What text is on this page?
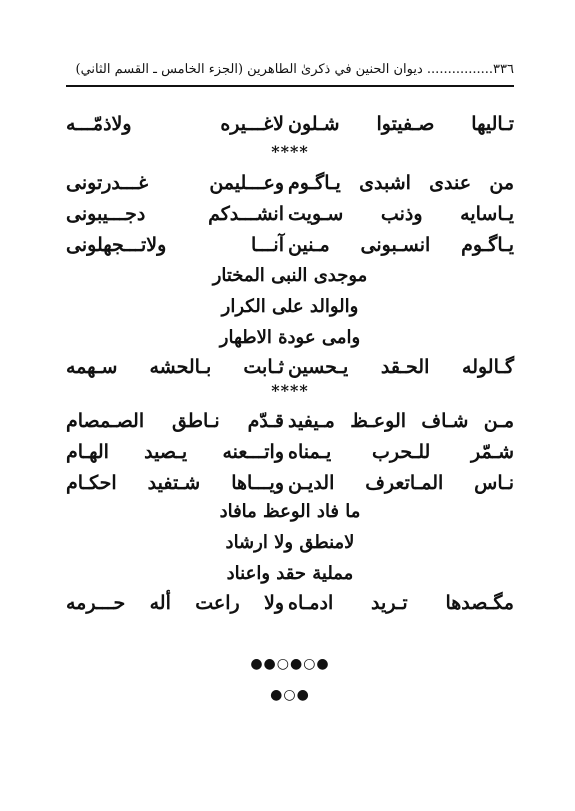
٣٣٦................ ديوان الحنين في ذكرىٰ الطاهرين (الجزء الخامس ـ القسم الثاني)
تـاليها صـفيتوا شـلون
لاغـــيره ولاذمّـــه
****
من عندى اشبدى يـاگـوم
وعـــليمن غـــدرتونى
يـاسايه وذنب سـويت
انشـــدكم دجـــيبونى
يـاگـوم انسـبونى مـنين
آنـــا ولاتـــجهلونى
موجدى النبى المختار
والوالد على الكرار
وامى عودة الاطهار
گـالوله الحـقد يـحسين
ثـابت بـالحشه سـهمه
****
مـن شـاف الوعـظ مـيفيد
قـدّم نـاطق الصـمصام
شـمّر للـحرب يـمناه
واتـــعنه يـصيد الهـام
نـاس المـاتعرف الديـن
ويـــاها شـتفيد احكـام
ما فاد الوعظ مافاد
لامنطق ولا ارشاد
مملية حقد واعناد
مگـصدها تـريد ادمـاه
ولا راعت أله حـــرمه
●●○●○●
●○●
